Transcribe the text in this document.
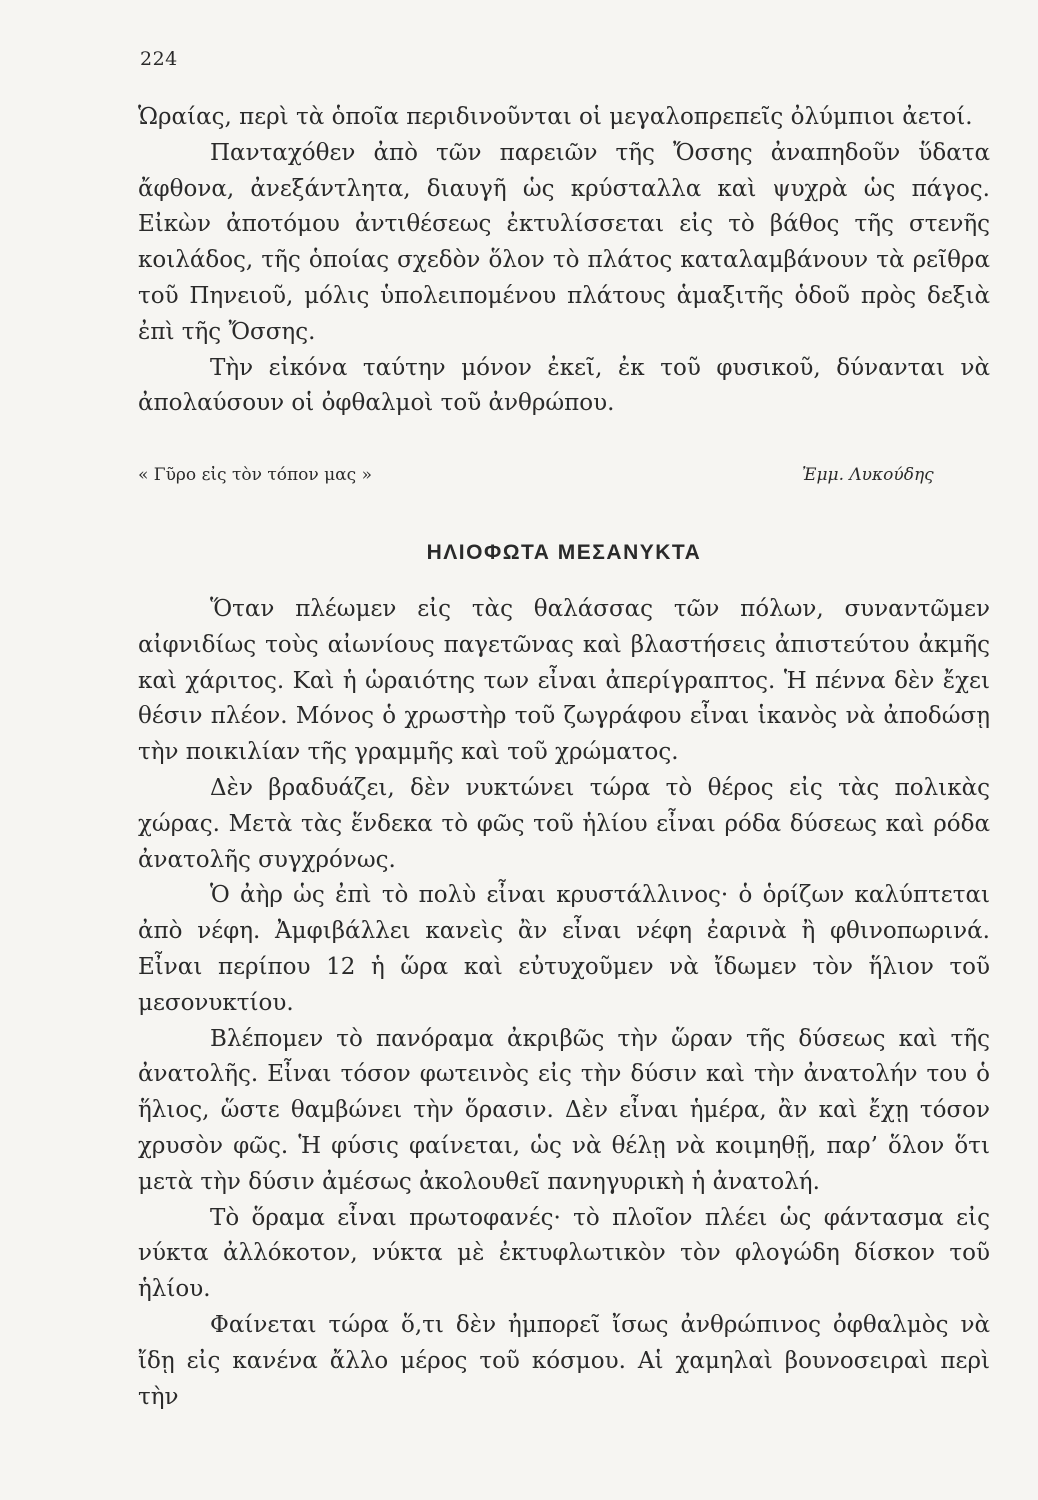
224

Ὡραίας, περὶ τὰ ὁποῖα περιδινοῦνται οἱ μεγαλοπρεπεῖς ὀλύμπιοι ἀετοί.

Πανταχόθεν ἀπὸ τῶν παρειῶν τῆς Ὄσσης ἀναπηδοῦν ὕδατα ἄφθονα, ἀνεξάντλητα, διαυγῆ ὡς κρύσταλλα καὶ ψυχρὰ ὡς πάγος. Εἰκὼν ἀποτόμου ἀντιθέσεως ἐκτυλίσσεται εἰς τὸ βάθος τῆς στενῆς κοιλάδος, τῆς ὁποίας σχεδὸν ὅλον τὸ πλάτος καταλαμβάνουν τὰ ρεῖθρα τοῦ Πηνειοῦ, μόλις ὑπολειπομένου πλάτους ἁμαξιτῆς ὁδοῦ πρὸς δεξιὰ ἐπὶ τῆς Ὄσσης.

Τὴν εἰκόνα ταύτην μόνον ἐκεῖ, ἐκ τοῦ φυσικοῦ, δύνανται νὰ ἀπολαύσουν οἱ ὀφθαλμοὶ τοῦ ἀνθρώπου.

« Γῦρο εἰς τὸν τόπον μας »	Ἐμμ. Λυκούδης
ΗΛΙΟΦΩΤΑ ΜΕΣΑΝΥΚΤΑ

Ὅταν πλέωμεν εἰς τὰς θαλάσσας τῶν πόλων, συναντῶμεν αἰφνιδίως τοὺς αἰωνίους παγετῶνας καὶ βλαστήσεις ἀπιστεύτου ἀκμῆς καὶ χάριτος. Καὶ ἡ ὡραιότης των εἶναι ἀπερίγραπτος. Ἡ πέννα δὲν ἔχει θέσιν πλέον. Μόνος ὁ χρωστὴρ τοῦ ζωγράφου εἶναι ἱκανὸς νὰ ἀποδώσῃ τὴν ποικιλίαν τῆς γραμμῆς καὶ τοῦ χρώματος.

Δὲν βραδυάζει, δὲν νυκτώνει τώρα τὸ θέρος εἰς τὰς πολικὰς χώρας. Μετὰ τὰς ἕνδεκα τὸ φῶς τοῦ ἡλίου εἶναι ρόδα δύσεως καὶ ρόδα ἀνατολῆς συγχρόνως.

Ὁ ἀὴρ ὡς ἐπὶ τὸ πολὺ εἶναι κρυστάλλινος· ὁ ὁρίζων καλύπτεται ἀπὸ νέφη. Ἀμφιβάλλει κανεὶς ἂν εἶναι νέφη ἐαρινὰ ἢ φθινοπωρινά. Εἶναι περίπου 12 ἡ ὥρα καὶ εὐτυχοῦμεν νὰ ἴδωμεν τὸν ἥλιον τοῦ μεσονυκτίου.

Βλέπομεν τὸ πανόραμα ἀκριβῶς τὴν ὥραν τῆς δύσεως καὶ τῆς ἀνατολῆς. Εἶναι τόσον φωτεινὸς εἰς τὴν δύσιν καὶ τὴν ἀνατολήν του ὁ ἥλιος, ὥστε θαμβώνει τὴν ὅρασιν. Δὲν εἶναι ἡμέρα, ἂν καὶ ἔχῃ τόσον χρυσὸν φῶς. Ἡ φύσις φαίνεται, ὡς νὰ θέλῃ νὰ κοιμηθῇ, παρ’ ὅλον ὅτι μετὰ τὴν δύσιν ἀμέσως ἀκολουθεῖ πανηγυρικὴ ἡ ἀνατολή.

Τὸ ὅραμα εἶναι πρωτοφανές· τὸ πλοῖον πλέει ὡς φάντασμα εἰς νύκτα ἀλλόκοτον, νύκτα μὲ ἐκτυφλωτικὸν τὸν φλογώδη δίσκον τοῦ ἡλίου.

Φαίνεται τώρα ὅ,τι δὲν ἠμπορεῖ ἴσως ἀνθρώπινος ὀφθαλμὸς νὰ ἴδῃ εἰς κανένα ἄλλο μέρος τοῦ κόσμου. Αἱ χαμηλαὶ βουνοσειραὶ περὶ τὴν
